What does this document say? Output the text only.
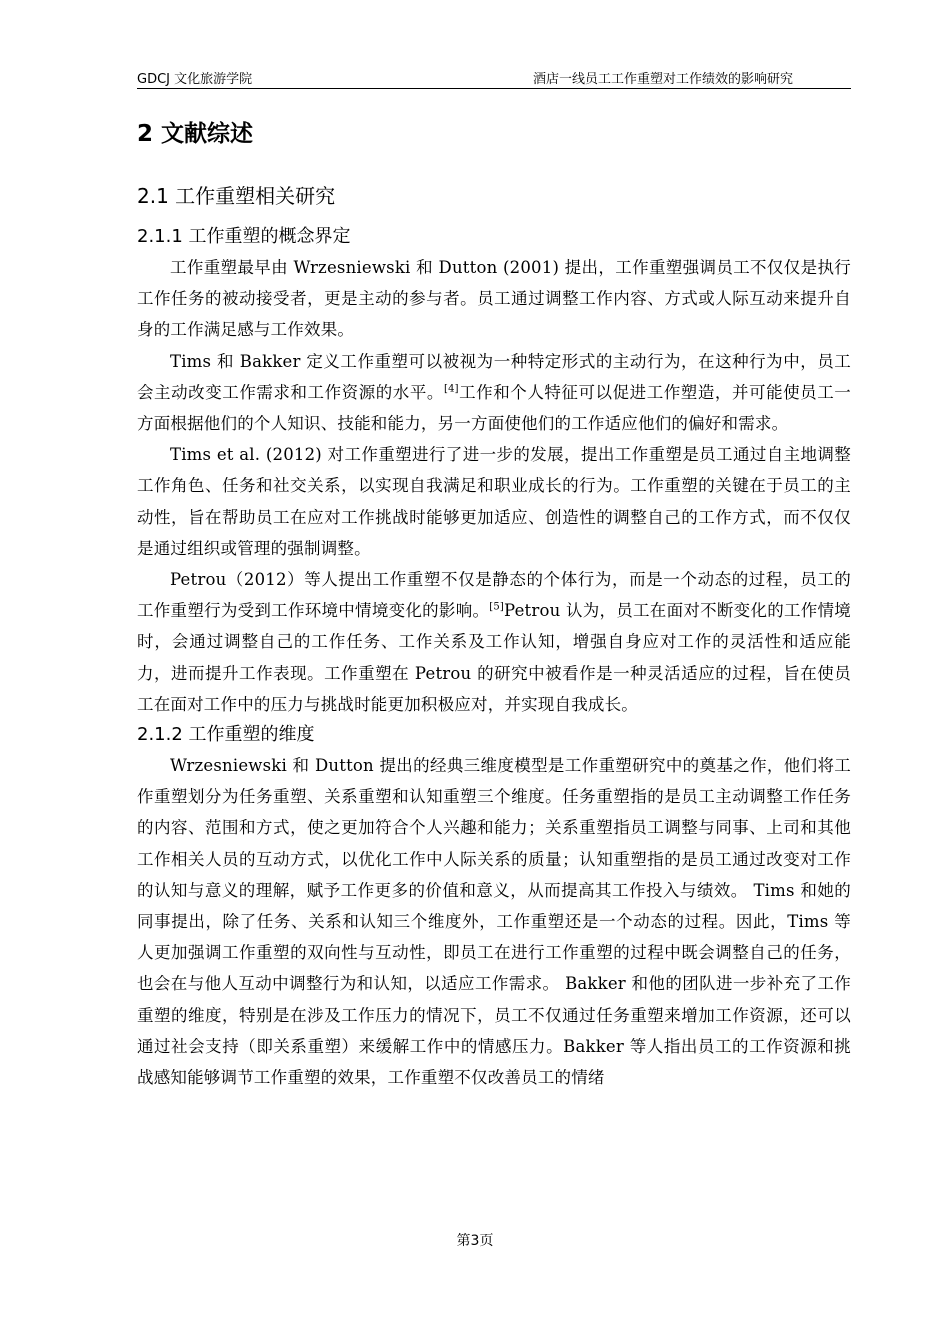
GDCJ 文化旅游学院	酒店一线员工工作重塑对工作绩效的影响研究
2 文献综述
2.1 工作重塑相关研究
2.1.1 工作重塑的概念界定

工作重塑最早由 Wrzesniewski 和 Dutton (2001) 提出，工作重塑强调员工不仅仅是执行工作任务的被动接受者，更是主动的参与者。员工通过调整工作内容、方式或人际互动来提升自身的工作满足感与工作效果。

Tims 和 Bakker 定义工作重塑可以被视为一种特定形式的主动行为，在这种行为中，员工会主动改变工作需求和工作资源的水平。[4]工作和个人特征可以促进工作塑造，并可能使员工一方面根据他们的个人知识、技能和能力，另一方面使他们的工作适应他们的偏好和需求。

Tims et al. (2012) 对工作重塑进行了进一步的发展，提出工作重塑是员工通过自主地调整工作角色、任务和社交关系，以实现自我满足和职业成长的行为。工作重塑的关键在于员工的主动性，旨在帮助员工在应对工作挑战时能够更加适应、创造性的调整自己的工作方式，而不仅仅是通过组织或管理的强制调整。

Petrou（2012）等人提出工作重塑不仅是静态的个体行为，而是一个动态的过程，员工的工作重塑行为受到工作环境中情境变化的影响。[5]Petrou 认为，员工在面对不断变化的工作情境时，会通过调整自己的工作任务、工作关系及工作认知，增强自身应对工作的灵活性和适应能力，进而提升工作表现。工作重塑在 Petrou 的研究中被看作是一种灵活适应的过程，旨在使员工在面对工作中的压力与挑战时能更加积极应对，并实现自我成长。

2.1.2 工作重塑的维度

Wrzesniewski 和 Dutton 提出的经典三维度模型是工作重塑研究中的奠基之作，他们将工作重塑划分为任务重塑、关系重塑和认知重塑三个维度。任务重塑指的是员工主动调整工作任务的内容、范围和方式，使之更加符合个人兴趣和能力；关系重塑指员工调整与同事、上司和其他工作相关人员的互动方式，以优化工作中人际关系的质量；认知重塑指的是员工通过改变对工作的认知与意义的理解，赋予工作更多的价值和意义，从而提高其工作投入与绩效。 Tims 和她的同事提出，除了任务、关系和认知三个维度外，工作重塑还是一个动态的过程。因此，Tims 等人更加强调工作重塑的双向性与互动性，即员工在进行工作重塑的过程中既会调整自己的任务，也会在与他人互动中调整行为和认知，以适应工作需求。 Bakker 和他的团队进一步补充了工作重塑的维度，特别是在涉及工作压力的情况下，员工不仅通过任务重塑来增加工作资源，还可以通过社会支持（即关系重塑）来缓解工作中的情感压力。Bakker 等人指出员工的工作资源和挑战感知能够调节工作重塑的效果，工作重塑不仅改善员工的情绪

第3页
